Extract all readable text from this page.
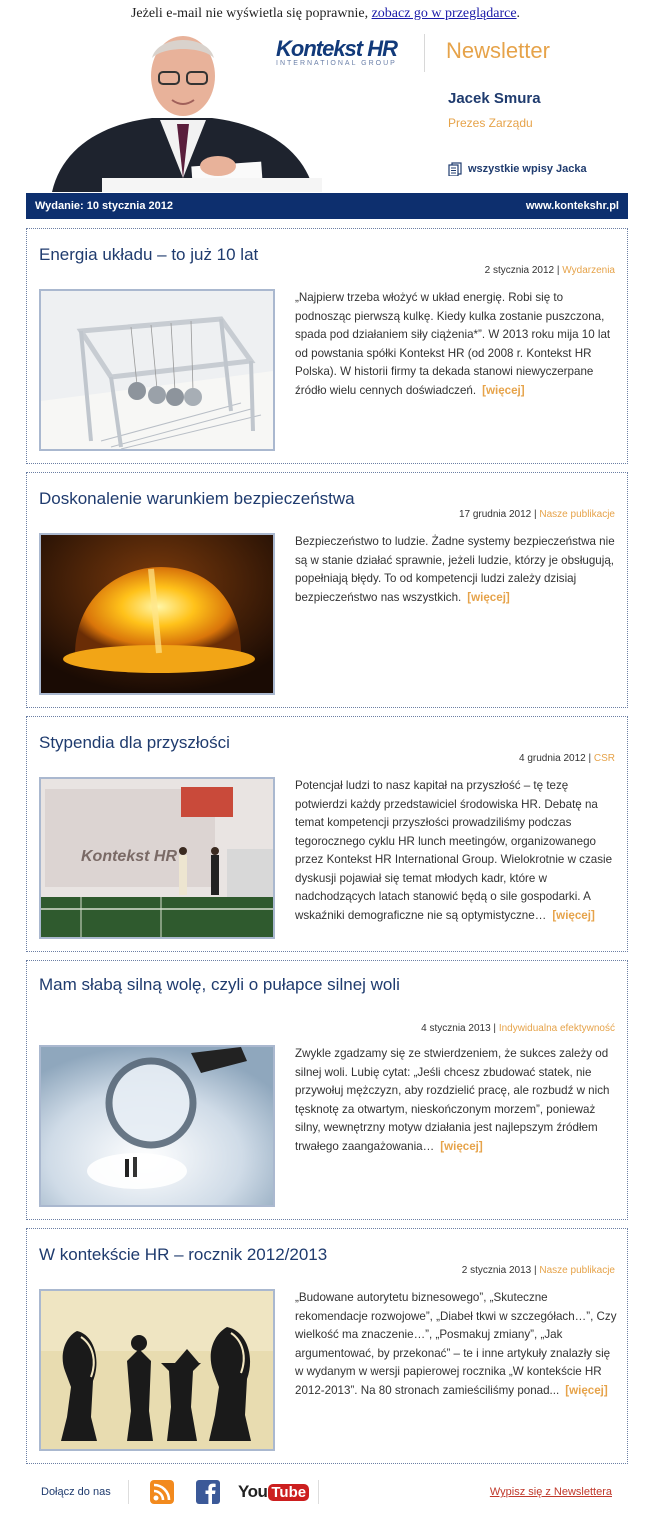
Jeżeli e-mail nie wyświetla się poprawnie, zobacz go w przeglądarce.
Kontekst HR
INTERNATIONAL GROUP
Newsletter
Jacek Smura
Prezes Zarządu
wszystkie wpisy Jacka
Wydanie: 10 stycznia 2012	www.kontekshr.pl
Energia układu – to już 10 lat
2 stycznia 2012 | Wydarzenia
„Najpierw trzeba włożyć w układ energię. Robi się to podnosząc pierwszą kulkę. Kiedy kulka zostanie puszczona, spada pod działaniem siły ciążenia*”. W 2013 roku mija 10 lat od powstania spółki Kontekst HR (od 2008 r. Kontekst HR Polska). W historii firmy ta dekada stanowi niewyczerpane źródło wielu cennych doświadczeń. [więcej]
Doskonalenie warunkiem bezpieczeństwa
17 grudnia 2012 | Nasze publikacje
Bezpieczeństwo to ludzie. Żadne systemy bezpieczeństwa nie są w stanie działać sprawnie, jeżeli ludzie, którzy je obsługują, popełniają błędy. To od kompetencji ludzi zależy dzisiaj bezpieczeństwo nas wszystkich. [więcej]
Stypendia dla przyszłości
4 grudnia 2012 | CSR
Kontekst HR
Potencjał ludzi to nasz kapitał na przyszłość – tę tezę potwierdzi każdy przedstawiciel środowiska HR. Debatę na temat kompetencji przyszłości prowadziliśmy podczas tegorocznego cyklu HR lunch meetingów, organizowanego przez Kontekst HR International Group. Wielokrotnie w czasie dyskusji pojawiał się temat młodych kadr, które w nadchodzących latach stanowić będą o sile gospodarki. A wskaźniki demograficzne nie są optymistyczne… [więcej]
Mam słabą silną wolę, czyli o pułapce silnej woli
4 stycznia 2013 | Indywidualna efektywność
Zwykle zgadzamy się ze stwierdzeniem, że sukces zależy od silnej woli. Lubię cytat: „Jeśli chcesz zbudować statek, nie przywołuj mężczyzn, aby rozdzielić pracę, ale rozbudź w nich tęsknotę za otwartym, nieskończonym morzem”, ponieważ silny, wewnętrzny motyw działania jest najlepszym źródłem trwałego zaangażowania… [więcej]
W kontekście HR – rocznik 2012/2013
2 stycznia 2013 | Nasze publikacje
„Budowane autorytetu biznesowego”, „Skuteczne rekomendacje rozwojowe”, „Diabeł tkwi w szczegółach…”, Czy wielkość ma znaczenie…”, „Posmakuj zmiany”, „Jak argumentować, by przekonać” – te i inne artykuły znalazły się w wydanym w wersji papierowej rocznika „W kontekście HR 2012-2013”. Na 80 stronach zamieściliśmy ponad... [więcej]
Dołącz do nas	You Tube	Wypisz się z Newslettera
